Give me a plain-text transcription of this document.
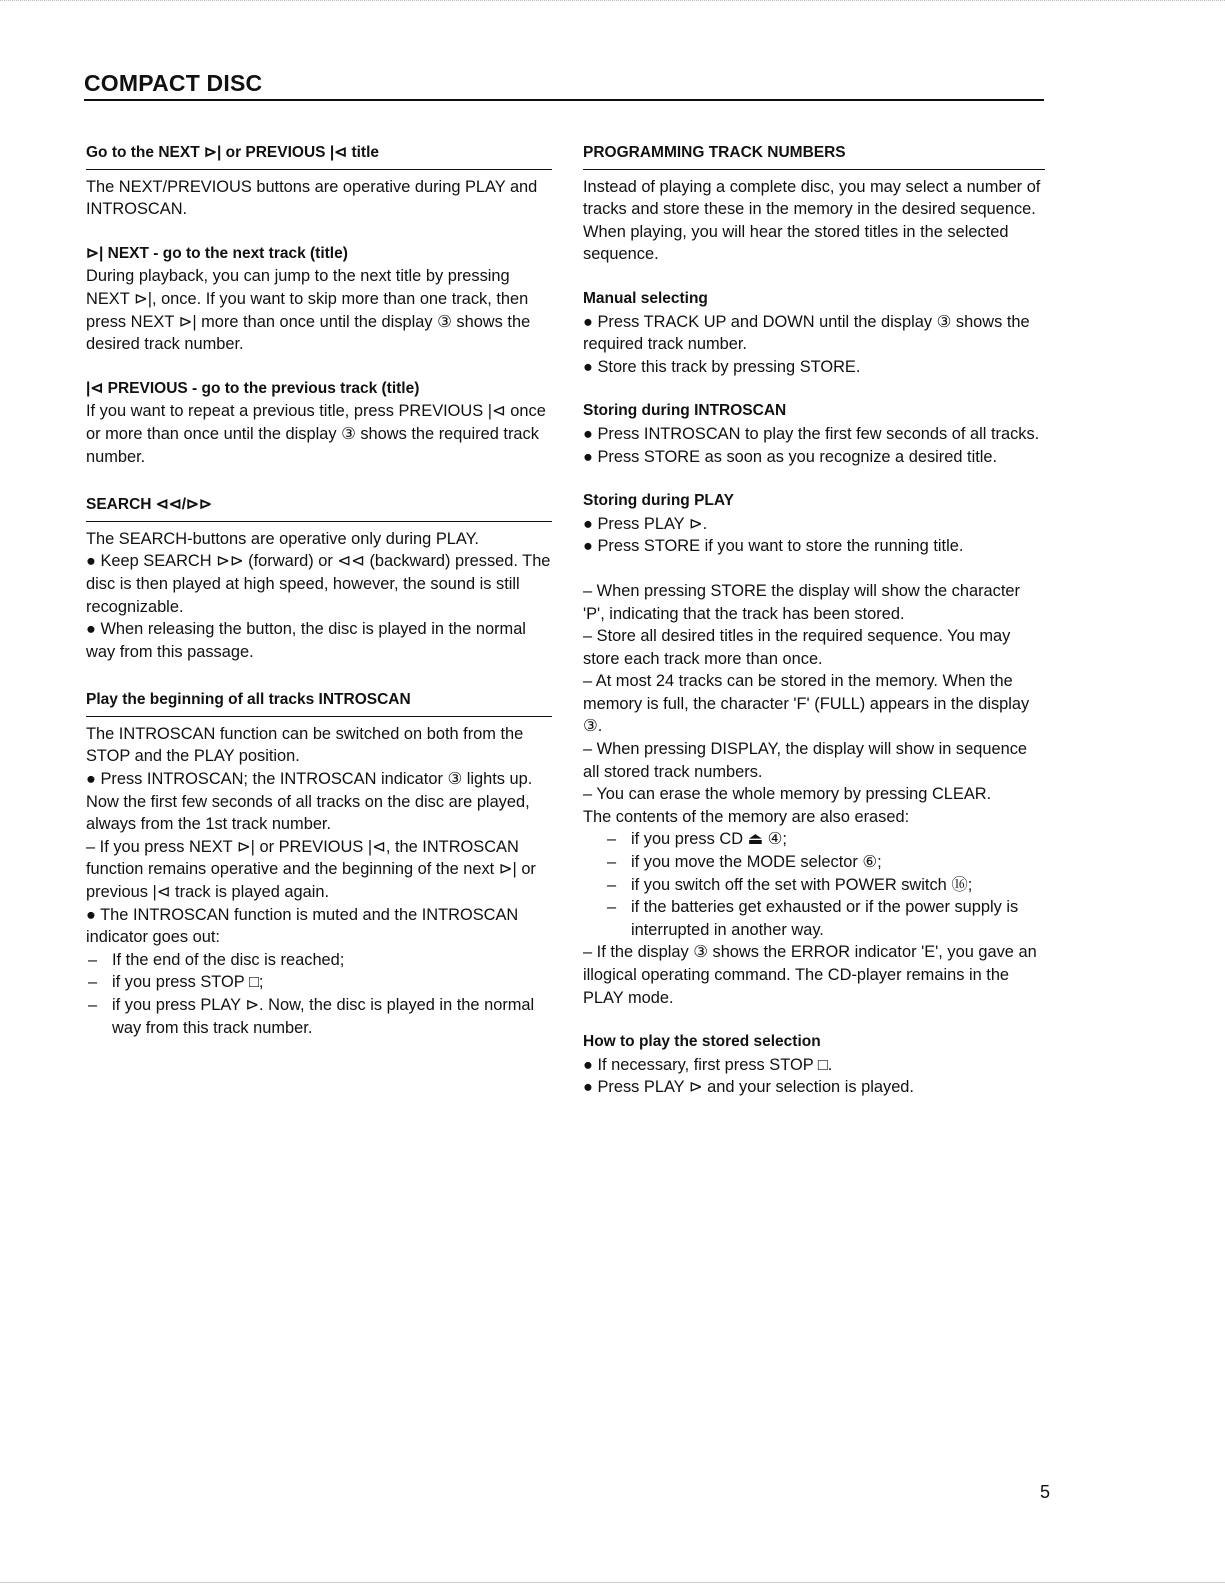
COMPACT DISC
Go to the NEXT ⊳| or PREVIOUS |⊲ title

The NEXT/PREVIOUS buttons are operative during PLAY and INTROSCAN.

⊳| NEXT - go to the next track (title)

During playback, you can jump to the next title by pressing NEXT ⊳|, once. If you want to skip more than one track, then press NEXT ⊳| more than once until the display ③ shows the desired track number.

|⊲ PREVIOUS - go to the previous track (title)

If you want to repeat a previous title, press PREVIOUS |⊲ once or more than once until the display ③ shows the required track number.

SEARCH ⊲⊲/⊳⊳

The SEARCH-buttons are operative only during PLAY.

● Keep SEARCH ⊳⊳ (forward) or ⊲⊲ (backward) pressed. The disc is then played at high speed, however, the sound is still recognizable.

● When releasing the button, the disc is played in the normal way from this passage.

Play the beginning of all tracks INTROSCAN

The INTROSCAN function can be switched on both from the STOP and the PLAY position.

● Press INTROSCAN; the INTROSCAN indicator ③ lights up. Now the first few seconds of all tracks on the disc are played, always from the 1st track number.

– If you press NEXT ⊳| or PREVIOUS |⊲, the INTROSCAN function remains operative and the beginning of the next ⊳| or previous |⊲ track is played again.

● The INTROSCAN function is muted and the INTROSCAN indicator goes out:

– If the end of the disc is reached;
– if you press STOP □;
– if you press PLAY ⊳. Now, the disc is played in the normal way from this track number.
PROGRAMMING TRACK NUMBERS

Instead of playing a complete disc, you may select a number of tracks and store these in the memory in the desired sequence. When playing, you will hear the stored titles in the selected sequence.

Manual selecting

● Press TRACK UP and DOWN until the display ③ shows the required track number.

● Store this track by pressing STORE.

Storing during INTROSCAN

● Press INTROSCAN to play the first few seconds of all tracks.

● Press STORE as soon as you recognize a desired title.

Storing during PLAY

● Press PLAY ⊳.

● Press STORE if you want to store the running title.

– When pressing STORE the display will show the character 'P', indicating that the track has been stored.

– Store all desired titles in the required sequence. You may store each track more than once.

– At most 24 tracks can be stored in the memory. When the memory is full, the character 'F' (FULL) appears in the display ③.

– When pressing DISPLAY, the display will show in sequence all stored track numbers.

– You can erase the whole memory by pressing CLEAR.

The contents of the memory are also erased:

– if you press CD ⏏ ④;
– if you move the MODE selector ⑥;
– if you switch off the set with POWER switch ⑯;
– if the batteries get exhausted or if the power supply is interrupted in another way.

– If the display ③ shows the ERROR indicator 'E', you gave an illogical operating command. The CD-player remains in the PLAY mode.

How to play the stored selection

● If necessary, first press STOP □.

● Press PLAY ⊳ and your selection is played.

5
